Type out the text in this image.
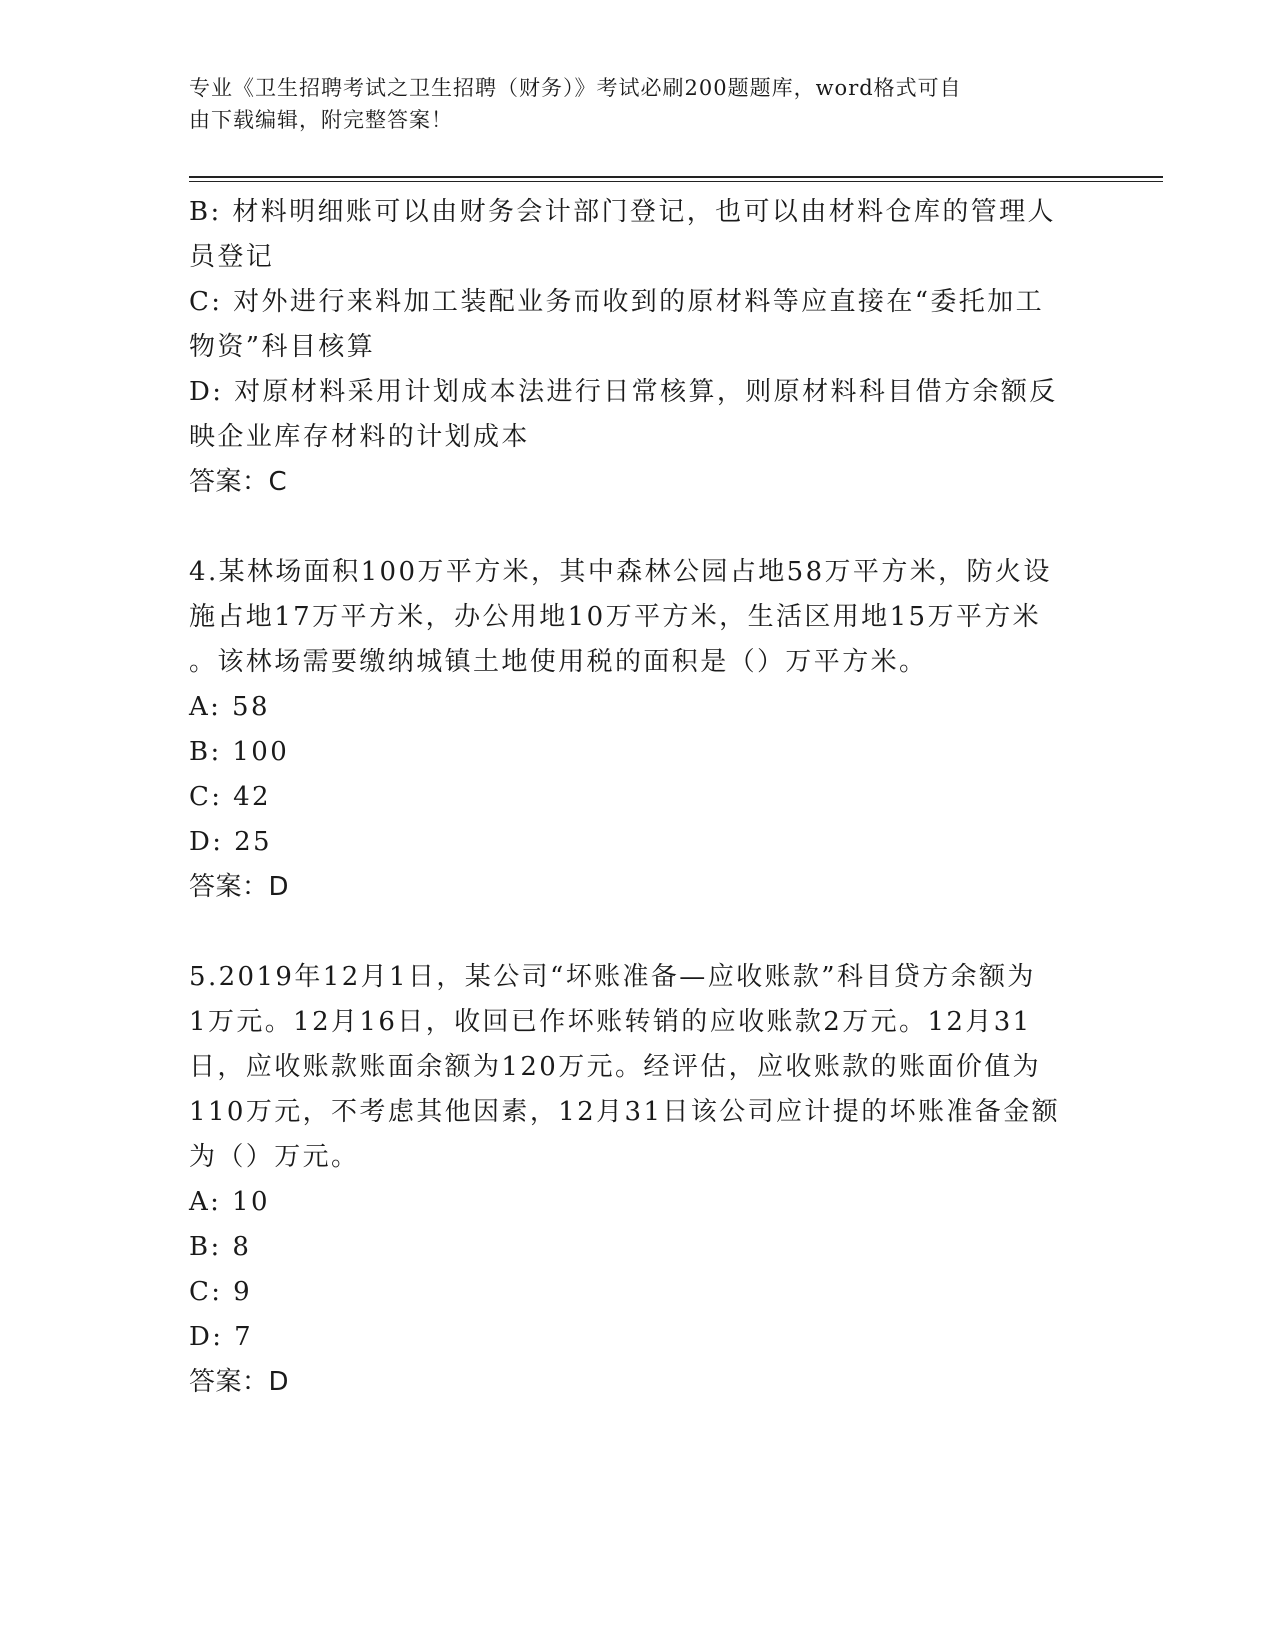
专业《卫生招聘考试之卫生招聘（财务）》考试必刷200题题库，word格式可自
由下载编辑，附完整答案！
B: 材料明细账可以由财务会计部门登记，也可以由材料仓库的管理人
员登记
C: 对外进行来料加工装配业务而收到的原材料等应直接在“委托加工
物资”科目核算
D: 对原材料采用计划成本法进行日常核算，则原材料科目借方余额反
映企业库存材料的计划成本
答案：C
4.某林场面积100万平方米，其中森林公园占地58万平方米，防火设
施占地17万平方米，办公用地10万平方米，生活区用地15万平方米
。该林场需要缴纳城镇土地使用税的面积是（）万平方米。
A: 58
B: 100
C: 42
D: 25
答案：D
5.2019年12月1日，某公司“坏账准备—应收账款”科目贷方余额为
1万元。12月16日，收回已作坏账转销的应收账款2万元。12月31
日，应收账款账面余额为120万元。经评估，应收账款的账面价值为
110万元，不考虑其他因素，12月31日该公司应计提的坏账准备金额
为（）万元。
A: 10
B: 8
C: 9
D: 7
答案：D
